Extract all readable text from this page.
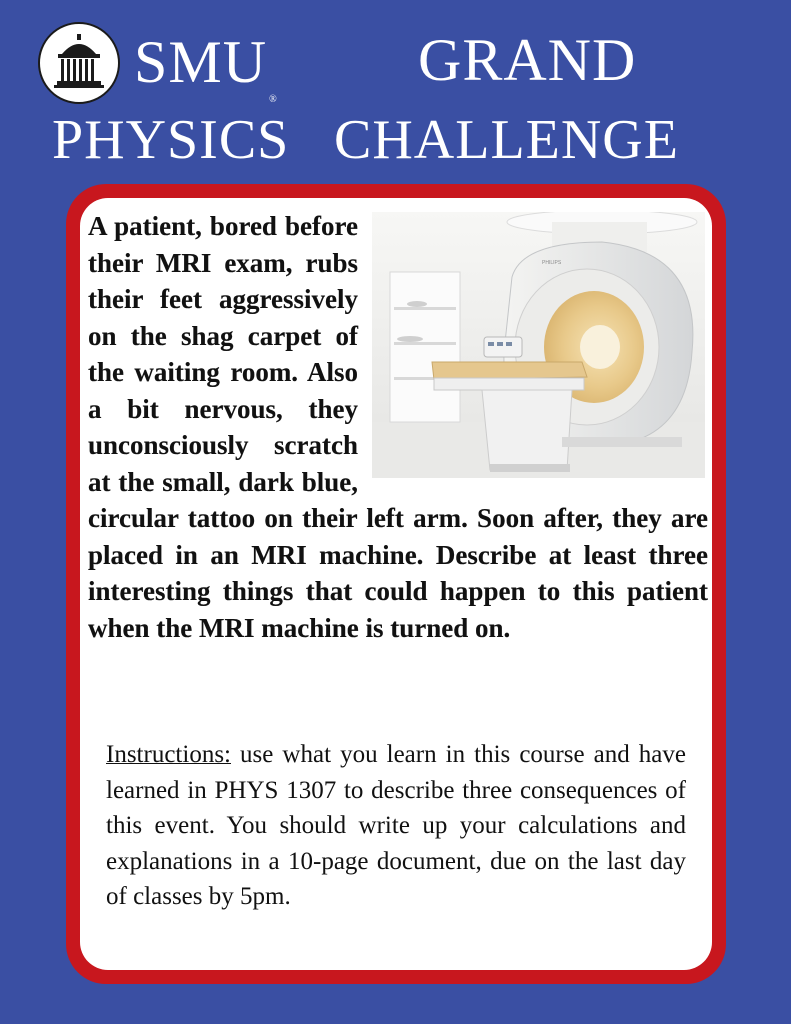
SMU®
GRAND
PHYSICS CHALLENGE
PHILIPS
A patient, bored before their MRI exam, rubs their feet aggressively on the shag carpet of the waiting room. Also a bit nervous, they unconsciously scratch at the small, dark blue, circular tattoo on their left arm. Soon after, they are placed in an MRI machine. Describe at least three interesting things that could happen to this patient when the MRI machine is turned on.
Instructions: use what you learn in this course and have learned in PHYS 1307 to describe three consequences of this event. You should write up your calculations and explanations in a 10-page document, due on the last day of classes by 5pm.
